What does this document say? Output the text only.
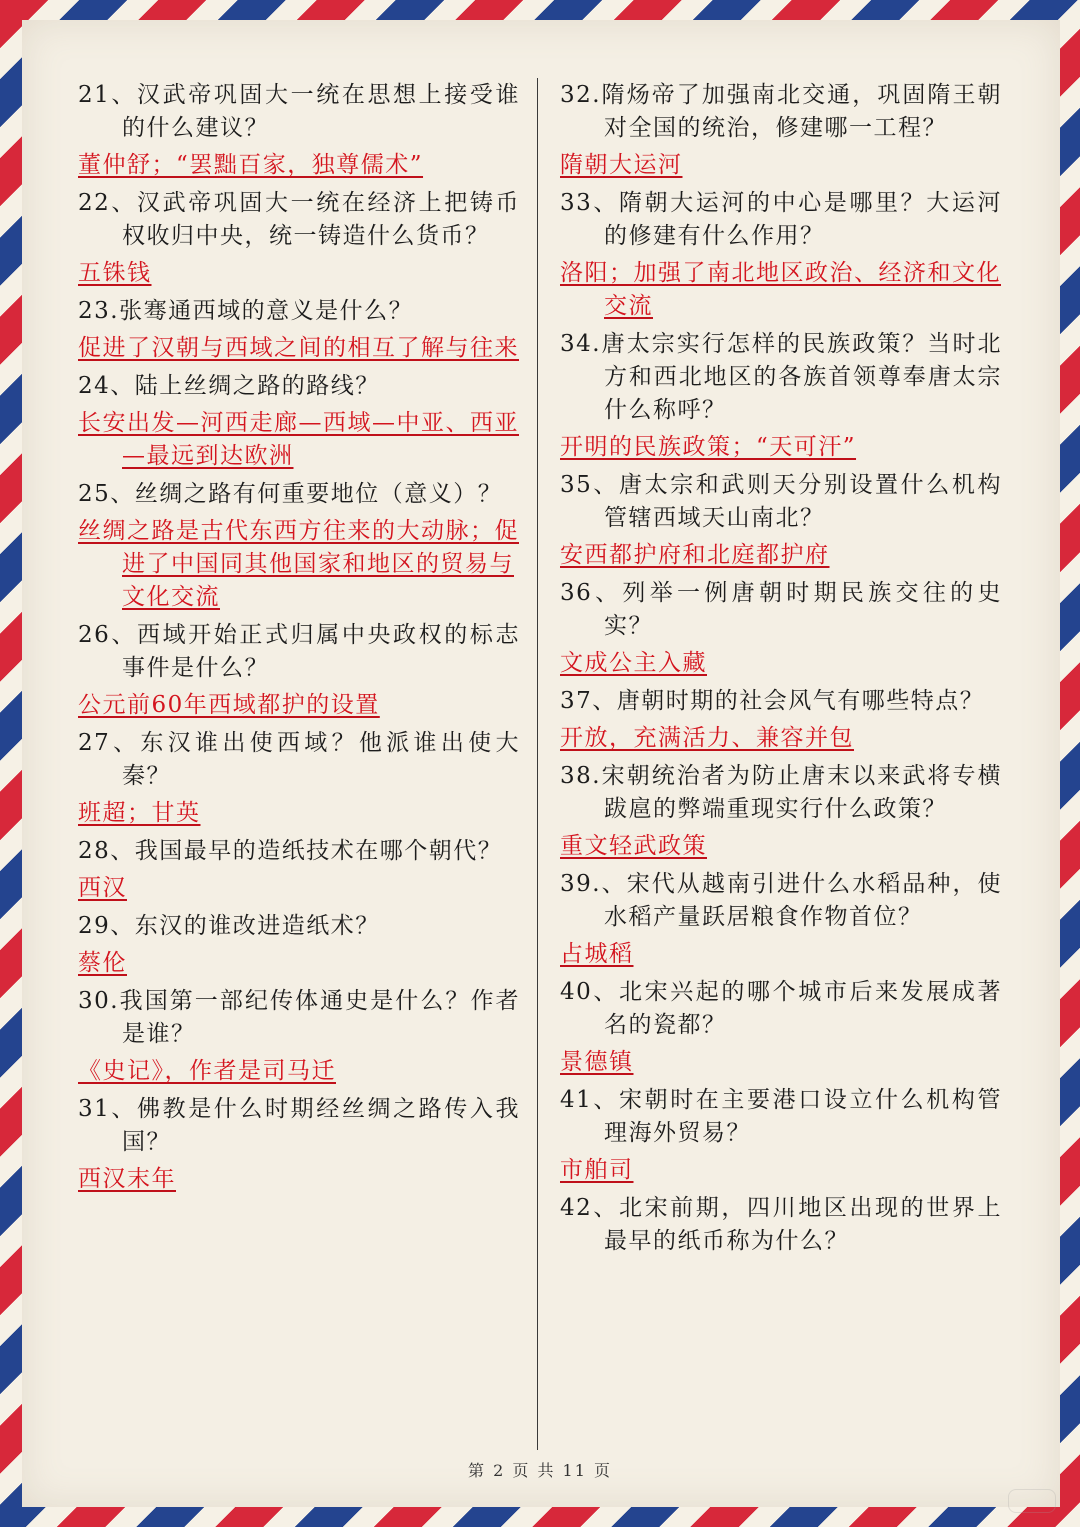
21、汉武帝巩固大一统在思想上接受谁的什么建议？
董仲舒；“罢黜百家，独尊儒术”
22、汉武帝巩固大一统在经济上把铸币权收归中央，统一铸造什么货币？
五铢钱
23.张骞通西域的意义是什么？
促进了汉朝与西域之间的相互了解与往来
24、陆上丝绸之路的路线？
长安出发—河西走廊—西域—中亚、西亚—最远到达欧洲
25、丝绸之路有何重要地位（意义）？
丝绸之路是古代东西方往来的大动脉；促进了中国同其他国家和地区的贸易与文化交流
26、西域开始正式归属中央政权的标志事件是什么？
公元前60年西域都护的设置
27、东汉谁出使西域？他派谁出使大秦？
班超；甘英
28、我国最早的造纸技术在哪个朝代？
西汉
29、东汉的谁改进造纸术？
蔡伦
30.我国第一部纪传体通史是什么？作者是谁？
《史记》，作者是司马迁
31、佛教是什么时期经丝绸之路传入我国？
西汉末年
32.隋炀帝了加强南北交通，巩固隋王朝对全国的统治，修建哪一工程？
隋朝大运河
33、隋朝大运河的中心是哪里？大运河的修建有什么作用？
洛阳；加强了南北地区政治、经济和文化交流
34.唐太宗实行怎样的民族政策？当时北方和西北地区的各族首领尊奉唐太宗什么称呼？
开明的民族政策；“天可汗”
35、唐太宗和武则天分别设置什么机构管辖西域天山南北？
安西都护府和北庭都护府
36、列举一例唐朝时期民族交往的史实？
文成公主入藏
37、唐朝时期的社会风气有哪些特点？
开放，充满活力、兼容并包
38.宋朝统治者为防止唐末以来武将专横跋扈的弊端重现实行什么政策？
重文轻武政策
39.、宋代从越南引进什么水稻品种，使水稻产量跃居粮食作物首位？
占城稻
40、北宋兴起的哪个城市后来发展成著名的瓷都？
景德镇
41、宋朝时在主要港口设立什么机构管理海外贸易？
市舶司
42、北宋前期，四川地区出现的世界上最早的纸币称为什么？
第 2 页 共 11 页
